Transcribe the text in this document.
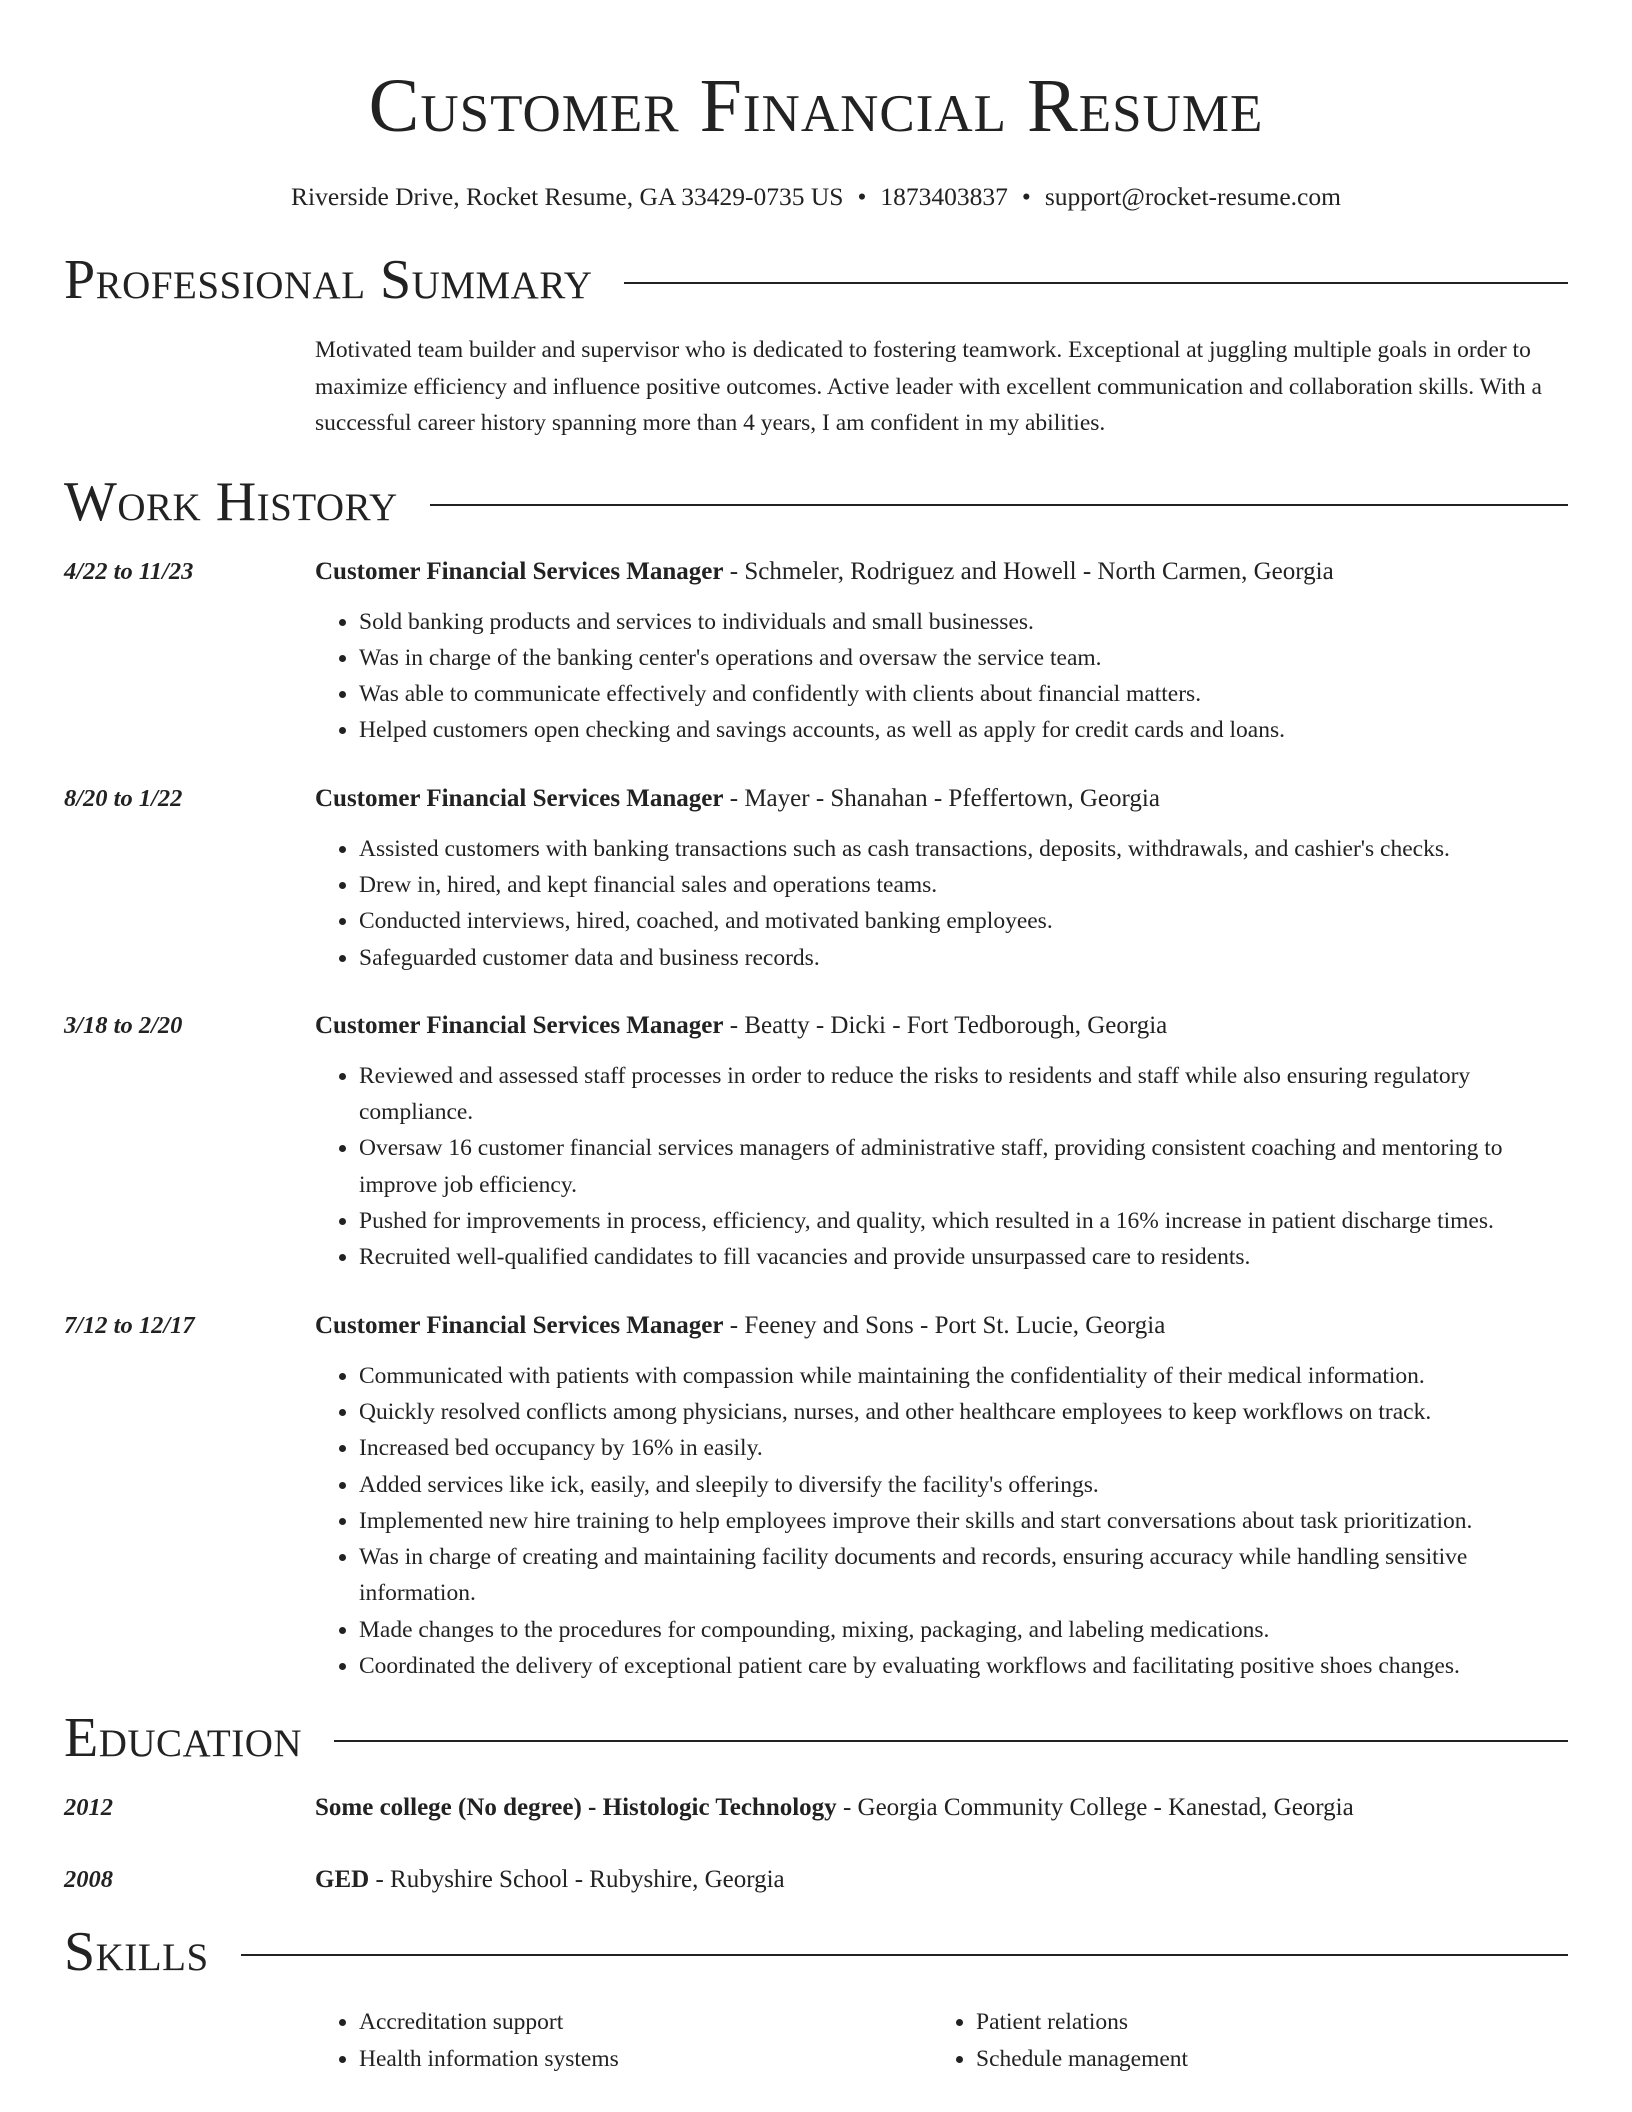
Customer Financial Resume
Riverside Drive, Rocket Resume, GA 33429-0735 US • 1873403837 • support@rocket-resume.com
Professional Summary
Motivated team builder and supervisor who is dedicated to fostering teamwork. Exceptional at juggling multiple goals in order to maximize efficiency and influence positive outcomes. Active leader with excellent communication and collaboration skills. With a successful career history spanning more than 4 years, I am confident in my abilities.
Work History
4/22 to 11/23	Customer Financial Services Manager - Schmeler, Rodriguez and Howell - North Carmen, Georgia
• Sold banking products and services to individuals and small businesses.
• Was in charge of the banking center's operations and oversaw the service team.
• Was able to communicate effectively and confidently with clients about financial matters.
• Helped customers open checking and savings accounts, as well as apply for credit cards and loans.
8/20 to 1/22	Customer Financial Services Manager - Mayer - Shanahan - Pfeffertown, Georgia
• Assisted customers with banking transactions such as cash transactions, deposits, withdrawals, and cashier's checks.
• Drew in, hired, and kept financial sales and operations teams.
• Conducted interviews, hired, coached, and motivated banking employees.
• Safeguarded customer data and business records.
3/18 to 2/20	Customer Financial Services Manager - Beatty - Dicki - Fort Tedborough, Georgia
• Reviewed and assessed staff processes in order to reduce the risks to residents and staff while also ensuring regulatory compliance.
• Oversaw 16 customer financial services managers of administrative staff, providing consistent coaching and mentoring to improve job efficiency.
• Pushed for improvements in process, efficiency, and quality, which resulted in a 16% increase in patient discharge times.
• Recruited well-qualified candidates to fill vacancies and provide unsurpassed care to residents.
7/12 to 12/17	Customer Financial Services Manager - Feeney and Sons - Port St. Lucie, Georgia
• Communicated with patients with compassion while maintaining the confidentiality of their medical information.
• Quickly resolved conflicts among physicians, nurses, and other healthcare employees to keep workflows on track.
• Increased bed occupancy by 16% in easily.
• Added services like ick, easily, and sleepily to diversify the facility's offerings.
• Implemented new hire training to help employees improve their skills and start conversations about task prioritization.
• Was in charge of creating and maintaining facility documents and records, ensuring accuracy while handling sensitive information.
• Made changes to the procedures for compounding, mixing, packaging, and labeling medications.
• Coordinated the delivery of exceptional patient care by evaluating workflows and facilitating positive shoes changes.
Education
2012	Some college (No degree) - Histologic Technology - Georgia Community College - Kanestad, Georgia
2008	GED - Rubyshire School - Rubyshire, Georgia
Skills
• Accreditation support
• Health information systems
• Patient relations
• Schedule management
